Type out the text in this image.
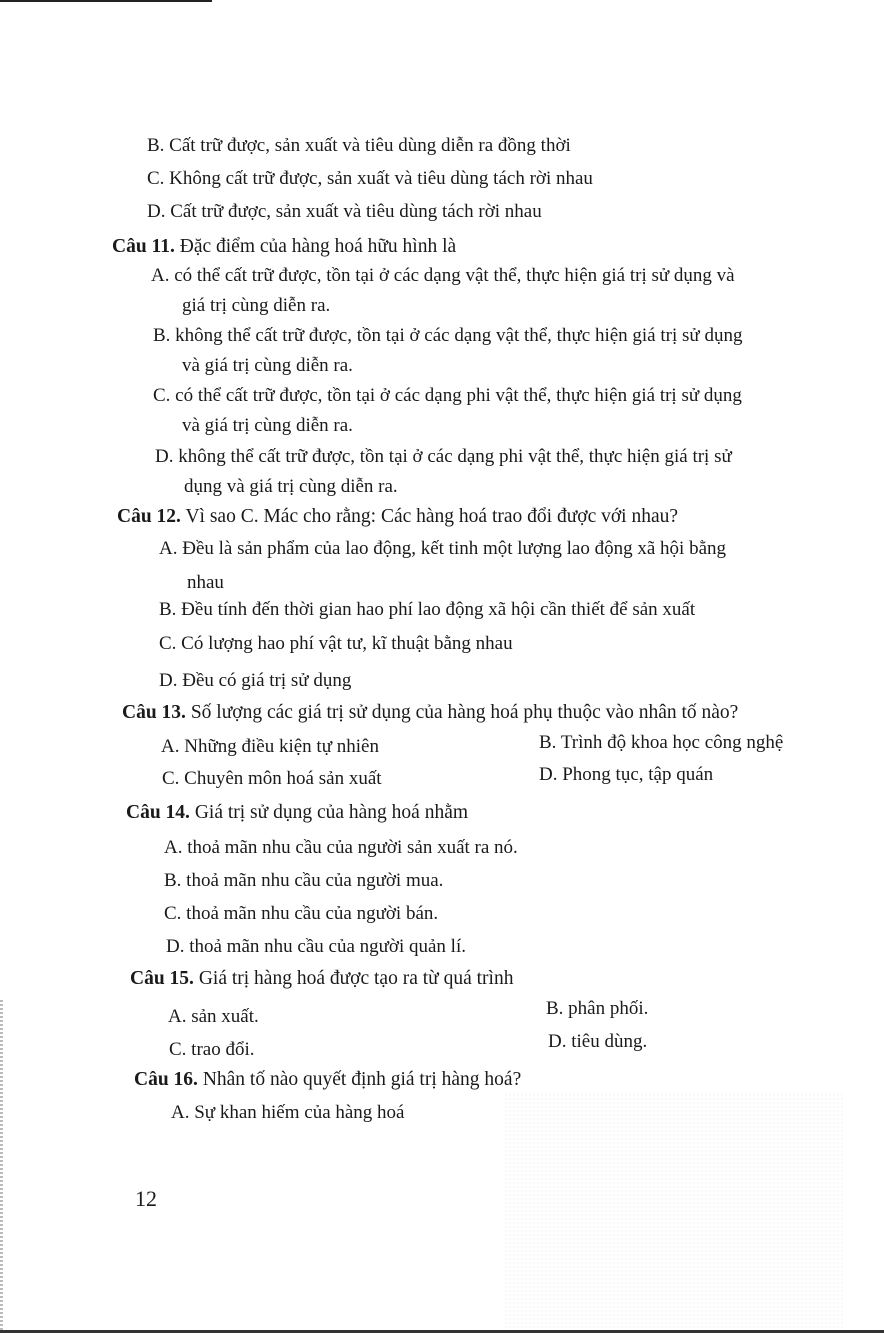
B. Cất trữ được, sản xuất và tiêu dùng diễn ra đồng thời
C. Không cất trữ được, sản xuất và tiêu dùng tách rời nhau
D. Cất trữ được, sản xuất và tiêu dùng tách rời nhau
Câu 11. Đặc điểm của hàng hoá hữu hình là
A. có thể cất trữ được, tồn tại ở các dạng vật thể, thực hiện giá trị sử dụng và
giá trị cùng diễn ra.
B. không thể cất trữ được, tồn tại ở các dạng vật thể, thực hiện giá trị sử dụng
và giá trị cùng diễn ra.
C. có thể cất trữ được, tồn tại ở các dạng phi vật thể, thực hiện giá trị sử dụng
và giá trị cùng diễn ra.
D. không thể cất trữ được, tồn tại ở các dạng phi vật thể, thực hiện giá trị sử
dụng và giá trị cùng diễn ra.
Câu 12. Vì sao C. Mác cho rằng: Các hàng hoá trao đổi được với nhau?
A. Đều là sản phẩm của lao động, kết tinh một lượng lao động xã hội bằng
nhau
B. Đều tính đến thời gian hao phí lao động xã hội cần thiết để sản xuất
C. Có lượng hao phí vật tư, kĩ thuật bằng nhau
D. Đều có giá trị sử dụng
Câu 13. Số lượng các giá trị sử dụng của hàng hoá phụ thuộc vào nhân tố nào?
A. Những điều kiện tự nhiên	B. Trình độ khoa học công nghệ
C. Chuyên môn hoá sản xuất	D. Phong tục, tập quán
Câu 14. Giá trị sử dụng của hàng hoá nhằm
A. thoả mãn nhu cầu của người sản xuất ra nó.
B. thoả mãn nhu cầu của người mua.
C. thoả mãn nhu cầu của người bán.
D. thoả mãn nhu cầu của người quản lí.
Câu 15. Giá trị hàng hoá được tạo ra từ quá trình
A. sản xuất.	B. phân phối.
C. trao đổi.	D. tiêu dùng.
Câu 16. Nhân tố nào quyết định giá trị hàng hoá?
A. Sự khan hiếm của hàng hoá
12
